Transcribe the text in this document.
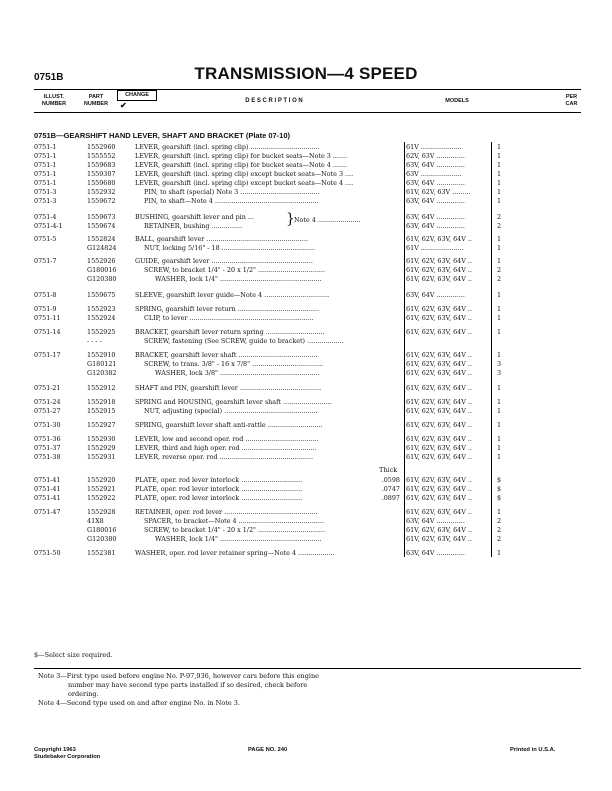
0751B	TRANSMISSION—4 SPEED
ILLUST.
NUMBER
PART
NUMBER
CHANGE
✔	D E S C R I P T I O N	MODELS
PER
CAR
0751B—GEARSHIFT HAND LEVER, SHAFT AND BRACKET (Plate 07-10)
0751-1	1552960	LEVER, gearshift (incl. spring clip) ..................................	61V ....................	1
0751-1	1555552	LEVER, gearshift (incl. spring clip) for bucket seats—Note 3 .......	62V, 63V ..............	1
0751-1	1559683	LEVER, gearshift (incl. spring clip) for bucket seats—Note 4 .......	63V, 64V ..............	1
0751-1	1559307	LEVER, gearshift (incl. spring clip) except bucket seats—Note 3 ....	63V ....................	1
0751-1	1559680	LEVER, gearshift (incl. spring clip) except bucket seats—Note 4 ....	63V, 64V ..............	1
0751-3	1552932	PIN, to shaft (special) Note 3 .......................................	61V, 62V, 63V .........	1
0751-3	1559672	PIN, to shaft—Note 4 ...................................................	63V, 64V ..............	1
0751-4	1559673	BUSHING, gearshift lever and pin ...	63V, 64V ..............	2
0751-4-1	1559674	RETAINER, bushing ...............	63V, 64V ..............	2
0751-5	1552824	BALL, gearshift lever ..................................................	61V, 62V, 63V, 64V ..	1
G124824	NUT, locking 5/16" - 18 ..............................................	61V .....................	1
0751-7	1552926	GUIDE, gearshift lever ..................................................	61V, 62V, 63V, 64V ..	1
G180016	SCREW, to bracket 1/4" - 20 x 1/2" .................................	61V, 62V, 63V, 64V ..	2
G120380	WASHER, lock 1/4" ..................................................	61V, 62V, 63V, 64V ..	2
0751-8	1559675	SLEEVE, gearshift lever guide—Note 4 ................................	63V, 64V ..............	1
0751-9	1552923	SPRING, gearshift lever return ........................................	61V, 62V, 63V, 64V ..	1
0751-11	1552924	CLIP, to lever .............................................................	61V, 62V, 63V, 64V ..	1
0751-14	1552925	BRACKET, gearshift lever return spring .............................	61V, 62V, 63V, 64V ..	1
- - - -	SCREW, fastening (See SCREW, guide to bracket) ..................
0751-17	1552910	BRACKET, gearshift lever shaft .......................................	61V, 62V, 63V, 64V ..	1
G180121	SCREW, to trans. 3/8" - 16 x 7/8" ...................................	61V, 62V, 63V, 64V ..	3
G120382	WASHER, lock 3/8" .................................................	61V, 62V, 63V, 64V ..	3
0751-21	1552912	SHAFT and PIN, gearshift lever ........................................	61V, 62V, 63V, 64V ..	1
0751-24	1552918	SPRING and HOUSING, gearshift lever shaft ........................	61V, 62V, 63V, 64V ..	1
0751-27	1552915	NUT, adjusting (special) ..............................................	61V, 62V, 63V, 64V ..	1
0751-30	1552927	SPRING, gearshift lever shaft anti-rattle ...........................	61V, 62V, 63V, 64V ..	1
0751-36	1552930	LEVER, low and second oper. rod ....................................	61V, 62V, 63V, 64V ..	1
0751-37	1552929	LEVER, third and high oper. rod .....................................	61V, 62V, 63V, 64V ..	1
0751-38	1552931	LEVER, reverse oper. rod ..............................................	61V, 62V, 63V, 64V ..	1
0751-41	1552920	PLATE, oper. rod lever interlock ..............................	.0598 61V, 62V, 63V, 64V ..	$
0751-41	1552921	PLATE, oper. rod lever interlock ..............................	.0747 61V, 62V, 63V, 64V ..	$
0751-41	1552922	PLATE, oper. rod lever interlock ..............................	.0897 61V, 62V, 63V, 64V ..	$
0751-47	1552928	RETAINER, oper. rod lever ..............................................	61V, 62V, 63V, 64V ..	1
41X8	SPACER, to bracket—Note 4 ..........................................	63V, 64V ..............	2
G180016	SCREW, to bracket 1/4" - 20 x 1/2" .................................	61V, 62V, 63V, 64V ..	2
G120380	WASHER, lock 1/4" ..................................................	61V, 62V, 63V, 64V ..	2
0751-50	1552381	WASHER, oper. rod lever retainer spring—Note 4 ..................	63V, 64V ..............	1
} Note 4 .....................
Thick
$—Select size required.
Note 3—First type used before engine No. P-97,936, however cars before this engine
number may have second type parts installed if so desired, check before
ordering.
Note 4—Second type used on and after engine No. in Note 3.
Copyright 1963
Studebaker Corporation
PAGE NO. 240	Printed in U.S.A.
